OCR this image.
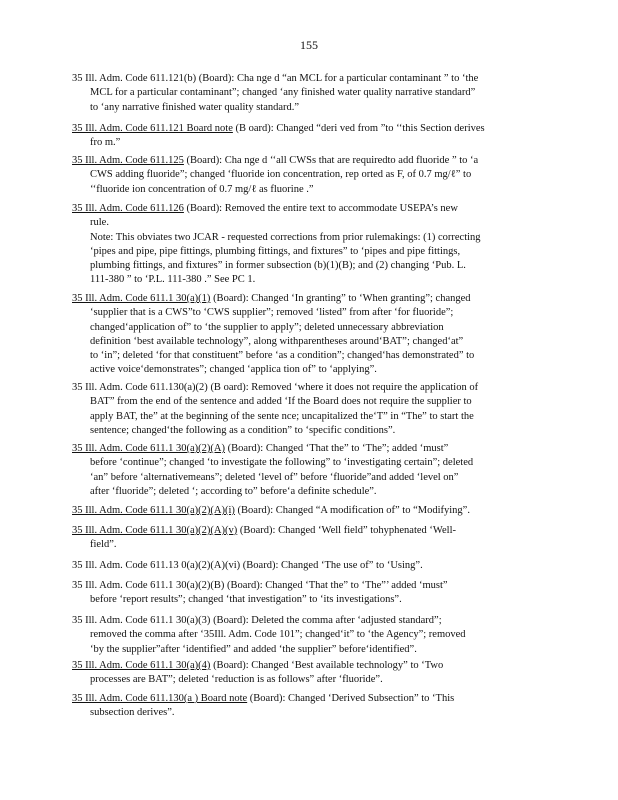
155
35 Ill. Adm. Code 611.121(b) (Board): Cha nge d “an MCL for a particular contaminant ” to ‘the
MCL for a particular contaminant”; changed ‘any finished water quality narrative standard”
to ‘any narrative finished water quality standard.”
35 Ill. Adm. Code 611.121 Board note (B oard): Changed “deri ved from ”to ‘‘this Section derives
fro m.”
35 Ill. Adm. Code 611.125 (Board): Cha nge d ‘‘all CWSs that are requiredto add fluoride ” to ‘a
CWS adding fluoride”; changed ‘fluoride ion concentration, rep orted as F, of 0.7 mg/ℓ” to
‘‘fluoride ion concentration of 0.7 mg/ℓ as fluorine .”
35 Ill. Adm. Code 611.126 (Board): Removed the entire text to accommodate USEPA’s new
rule.
Note: This obviates two JCAR - requested corrections from prior rulemakings: (1) correcting
‘pipes and pipe, pipe fittings, plumbing fittings, and fixtures” to ‘pipes and pipe fittings,
plumbing fittings, and fixtures” in former subsection (b)(1)(B); and (2) changing ‘Pub. L.
111-380 ” to ‘P.L. 111-380 .” See PC 1.
35 Ill. Adm. Code 611.1 30(a)(1) (Board): Changed ‘In granting” to ‘When granting”; changed
‘supplier that is a CWS”to ‘CWS supplier”; removed ‘listed” from after ‘for fluoride”;
changed‘application of” to ‘the supplier to apply”; deleted unnecessary abbreviation
definition ‘best available technology”, along withparentheses around‘BAT”; changed‘at”
to ‘in”; deleted ‘for that constituent” before ‘as a condition”; changed‘has demonstrated” to
active voice‘demonstrates”; changed ‘applica tion of” to ‘applying”.
35 Ill. Adm. Code 611.130(a)(2) (B oard): Removed ‘where it does not require the application of
BAT” from the end of the sentence and added ‘If the Board does not require the supplier to
apply BAT, the” at the beginning of the sente nce; uncapitalized the‘T” in “The” to start the
sentence; changed‘the following as a condition” to ‘specific conditions”.
35 Ill. Adm. Code 611.1 30(a)(2)(A) (Board): Changed ‘That the” to ‘The”; added ‘must”
before ‘continue”; changed ‘to investigate the following” to ‘investigating certain”; deleted
‘an” before ‘alternativemeans”; deleted ‘level of” before ‘fluoride”and added ‘level on”
after ‘fluoride”; deleted ‘; according to” before‘a definite schedule”.
35 Ill. Adm. Code 611.1 30(a)(2)(A)(i) (Board): Changed “A modification of” to “Modifying”.
35 Ill. Adm. Code 611.1 30(a)(2)(A)(v) (Board): Changed ‘Well field” tohyphenated ‘Well-
field”.
35 Ill. Adm. Code 611.13 0(a)(2)(A)(vi) (Board): Changed ‘The use of” to ‘Using”.
35 Ill. Adm. Code 611.1 30(a)(2)(B) (Board): Changed ‘That the” to ‘The”’ added ‘must”
before ‘report results”; changed ‘that investigation” to ‘its investigations”.
35 Ill. Adm. Code 611.1 30(a)(3) (Board): Deleted the comma after ‘adjusted standard”;
removed the comma after ‘35Ill. Adm. Code 101”; changed‘it” to ‘the Agency”; removed
‘by the supplier”after ‘identified” and added ‘the supplier” before‘identified”.
35 Ill. Adm. Code 611.1 30(a)(4) (Board): Changed ‘Best available technology” to ‘Two
processes are BAT”; deleted ‘reduction is as follows” after ‘fluoride”.
35 Ill. Adm. Code 611.130(a ) Board note (Board): Changed ‘Derived Subsection” to ‘This
subsection derives”.
